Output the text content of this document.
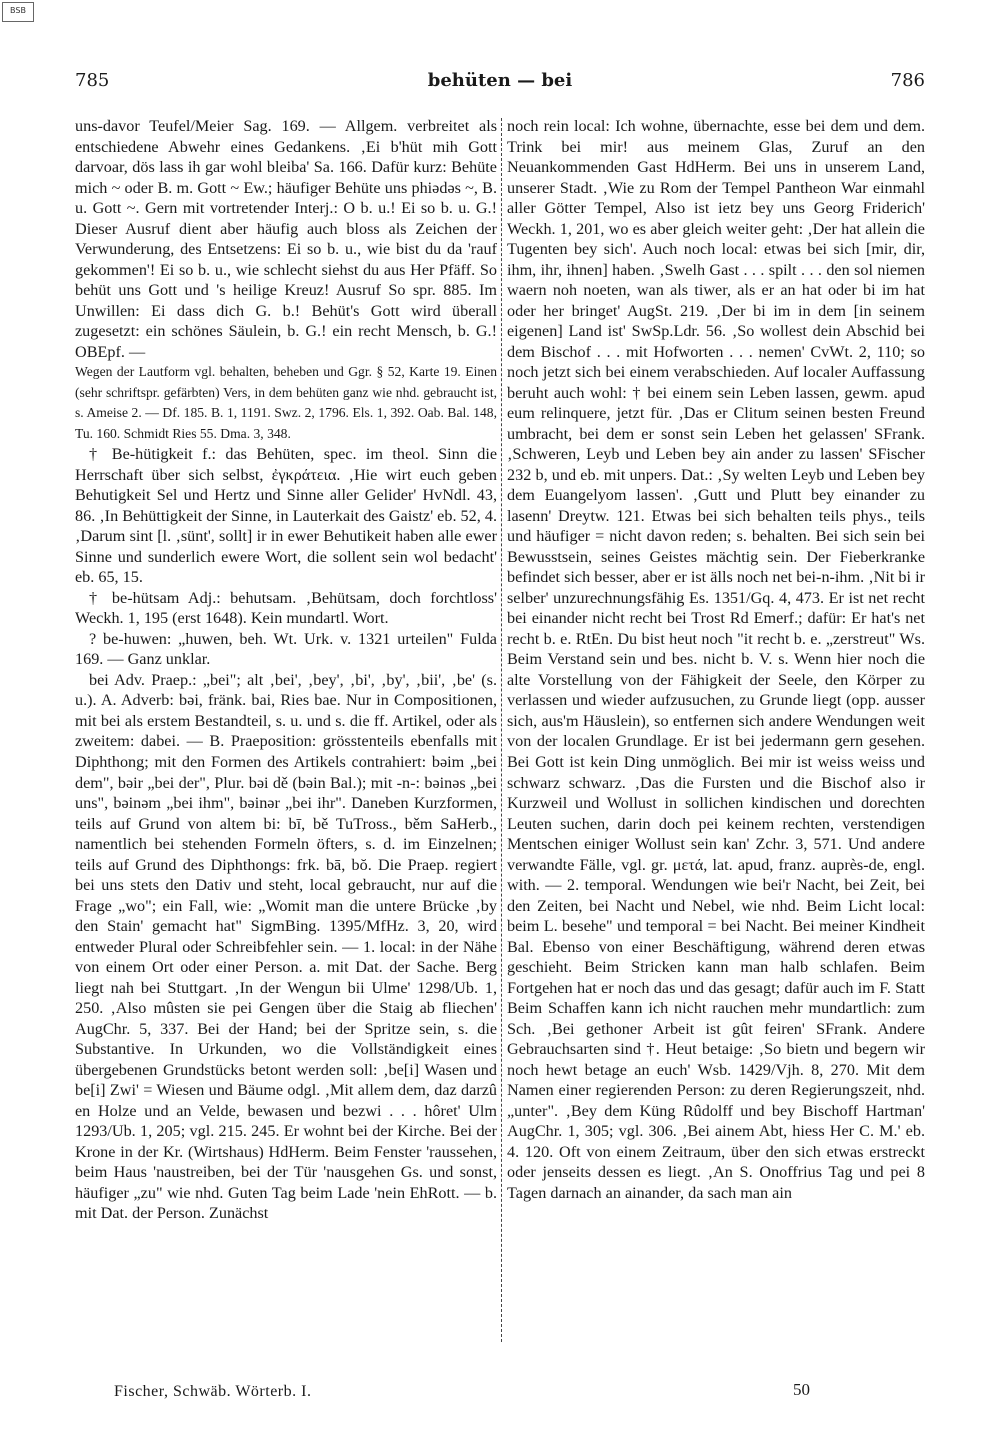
BSB
785	behüten — bei	786

uns-davor Teufel/Meier Sag. 169. — Allgem. verbreitet als entschiedene Abwehr eines Gedankens. ‚Ei b'hüt mih Gott darvoar, dös lass ih gar wohl bleiba' Sa. 166. Dafür kurz: Behüte mich ~ oder B. m. Gott ~ Ew.; häufiger Behüte uns phiədəs ~, B. u. Gott ~. Gern mit vortretender Interj.: O b. u.! Ei so b. u. G.! Dieser Ausruf dient aber häufig auch bloss als Zeichen der Verwunderung, des Entsetzens: Ei so b. u., wie bist du da 'rauf gekommen'! Ei so b. u., wie schlecht siehst du aus Her Pfäff. So behüt uns Gott und 's heilige Kreuz! Ausruf So spr. 885. Im Unwillen: Ei dass dich G. b.! Behüt's Gott wird überall zugesetzt: ein schönes Säulein, b. G.! ein recht Mensch, b. G.! OBEpf. —

Wegen der Lautform vgl. behalten, beheben und Ggr. § 52, Karte 19. Einen (sehr schriftspr. gefärbten) Vers, in dem behüten ganz wie nhd. gebraucht ist, s. Ameise 2. — Df. 185. B. 1, 1191. Swz. 2, 1796. Els. 1, 392. Oab. Bal. 148, Tu. 160. Schmidt Ries 55. Dma. 3, 348.

† Be-hütigkeit f.: das Behüten, spec. im theol. Sinn die Herrschaft über sich selbst, ἐγκράτεια. ‚Hie wirt euch geben Behutigkeit Sel und Hertz und Sinne aller Gelider' HvNdl. 43, 86. ‚In Behüttigkeit der Sinne, in Lauterkait des Gaistz' eb. 52, 4. ‚Darum sint [l. ‚sünt', sollt] ir in ewer Behutikeit haben alle ewer Sinne und sunderlich ewere Wort, die sollent sein wol bedacht' eb. 65, 15.

† be-hütsam Adj.: behutsam. ‚Behütsam, doch forchtloss' Weckh. 1, 195 (erst 1648). Kein mundartl. Wort.

? be-huwen: „huwen, beh. Wt. Urk. v. 1321 urteilen" Fulda 169. — Ganz unklar.

bei Adv. Praep.: „bei"; alt ‚bei', ‚bey', ‚bi', ‚by', ‚bii', ‚be' (s. u.). A. Adverb: bəi, fränk. bai, Ries bae. Nur in Compositionen, mit bei als erstem Bestandteil, s. u. und s. die ff. Artikel, oder als zweitem: dabei. — B. Praeposition: grösstenteils ebenfalls mit Diphthong; mit den Formen des Artikels contrahiert: bəim „bei dem", bəir „bei der", Plur. bəi dě (bəin Bal.); mit -n-: bəinəs „bei uns", bəinəm „bei ihm", bəinər „bei ihr". Daneben Kurzformen, teils auf Grund von altem bi: bī, bě TuTross., běm SaHerb., namentlich bei stehenden Formeln öfters, s. d. im Einzelnen; teils auf Grund des Diphthongs: frk. bā, bŏ. Die Praep. regiert bei uns stets den Dativ und steht, local gebraucht, nur auf die Frage „wo"; ein Fall, wie: „Womit man die untere Brücke ‚by den Stain' gemacht hat" SigmBing. 1395/MfHz. 3, 20, wird entweder Plural oder Schreibfehler sein. — 1. local: in der Nähe von einem Ort oder einer Person. a. mit Dat. der Sache. Berg liegt nah bei Stuttgart. ‚In der Wengun bii Ulme' 1298/Ub. 1, 250. ‚Also mûsten sie pei Gengen über die Staig ab fliechen' AugChr. 5, 337. Bei der Hand; bei der Spritze sein, s. die Substantive. In Urkunden, wo die Vollständigkeit eines übergebenen Grundstücks betont werden soll: ‚be[i] Wasen und be[i] Zwi' = Wiesen und Bäume odgl. ‚Mit allem dem, daz darzû en Holze und an Velde, bewasen und bezwi . . . hôret' Ulm 1293/Ub. 1, 205; vgl. 215. 245. Er wohnt bei der Kirche. Bei der Krone in der Kr. (Wirtshaus) HdHerm. Beim Fenster 'raussehen, beim Haus 'naustreiben, bei der Tür 'nausgehen Gs. und sonst, häufiger „zu" wie nhd. Guten Tag beim Lade 'nein EhRott. — b. mit Dat. der Person. Zunächst

noch rein local: Ich wohne, übernachte, esse bei dem und dem. Trink bei mir! aus meinem Glas, Zuruf an den Neuankommenden Gast HdHerm. Bei uns in unserem Land, unserer Stadt. ‚Wie zu Rom der Tempel Pantheon War einmahl aller Götter Tempel, Also ist ietz bey uns Georg Friderich' Weckh. 1, 201, wo es aber gleich weiter geht: ‚Der hat allein die Tugenten bey sich'. Auch noch local: etwas bei sich [mir, dir, ihm, ihr, ihnen] haben. ‚Swelh Gast . . . spilt . . . den sol niemen waern noh noeten, wan als tiwer, als er an hat oder bi im hat oder her bringet' AugSt. 219. ‚Der bi im in dem [in seinem eigenen] Land ist' SwSp.Ldr. 56. ‚So wollest dein Abschid bei dem Bischof . . . mit Hofworten . . . nemen' CvWt. 2, 110; so noch jetzt sich bei einem verabschieden. Auf localer Auffassung beruht auch wohl: † bei einem sein Leben lassen, gewm. apud eum relinquere, jetzt für. ‚Das er Clitum seinen besten Freund umbracht, bei dem er sonst sein Leben het gelassen' SFrank. ‚Schweren, Leyb und Leben bey ain ander zu lassen' SFischer 232 b, und eb. mit unpers. Dat.: ‚Sy welten Leyb und Leben bey dem Euangelyom lassen'. ‚Gutt und Plutt bey einander zu lasenn' Dreytw. 121. Etwas bei sich behalten teils phys., teils und häufiger = nicht davon reden; s. behalten. Bei sich sein bei Bewusstsein, seines Geistes mächtig sein. Der Fieberkranke befindet sich besser, aber er ist älls noch net bei-n-ihm. ‚Nit bi ir selber' unzurechnungsfähig Es. 1351/Gq. 4, 473. Er ist net recht bei einander nicht recht bei Trost Rd Emerf.; dafür: Er hat's net recht b. e. RtEn. Du bist heut noch "it recht b. e. „zerstreut" Ws. Beim Verstand sein und bes. nicht b. V. s. Wenn hier noch die alte Vorstellung von der Fähigkeit der Seele, den Körper zu verlassen und wieder aufzusuchen, zu Grunde liegt (opp. ausser sich, aus'm Häuslein), so entfernen sich andere Wendungen weit von der localen Grundlage. Er ist bei jedermann gern gesehen. Bei Gott ist kein Ding unmöglich. Bei mir ist weiss weiss und schwarz schwarz. ‚Das die Fursten und die Bischof also ir Kurzweil und Wollust in sollichen kindischen und dorechten Leuten suchen, darin doch pei keinem rechten, verstendigen Mentschen einiger Wollust sein kan' Zchr. 3, 571. Und andere verwandte Fälle, vgl. gr. μετά, lat. apud, franz. auprès-de, engl. with. — 2. temporal. Wendungen wie bei'r Nacht, bei Zeit, bei den Zeiten, bei Nacht und Nebel, wie nhd. Beim Licht local: beim L. besehe" und temporal = bei Nacht. Bei meiner Kindheit Bal. Ebenso von einer Beschäftigung, während deren etwas geschieht. Beim Stricken kann man halb schlafen. Beim Fortgehen hat er noch das und das gesagt; dafür auch im F. Statt Beim Schaffen kann ich nicht rauchen mehr mundartlich: zum Sch. ‚Bei gethoner Arbeit ist gût feiren' SFrank. Andere Gebrauchsarten sind †. Heut betaige: ‚So bietn und begern wir noch hewt betage an euch' Wsb. 1429/Vjh. 8, 270. Mit dem Namen einer regierenden Person: zu deren Regierungszeit, nhd. „unter". ‚Bey dem Küng Rûdolff und bey Bischoff Hartman' AugChr. 1, 305; vgl. 306. ‚Bei ainem Abt, hiess Her C. M.' eb. 4. 120. Oft von einem Zeitraum, über den sich etwas erstreckt oder jenseits dessen es liegt. ‚An S. Onoffrius Tag und pei 8 Tagen darnach an ainander, da sach man ain

Fischer, Schwäb. Wörterb. I.	50
